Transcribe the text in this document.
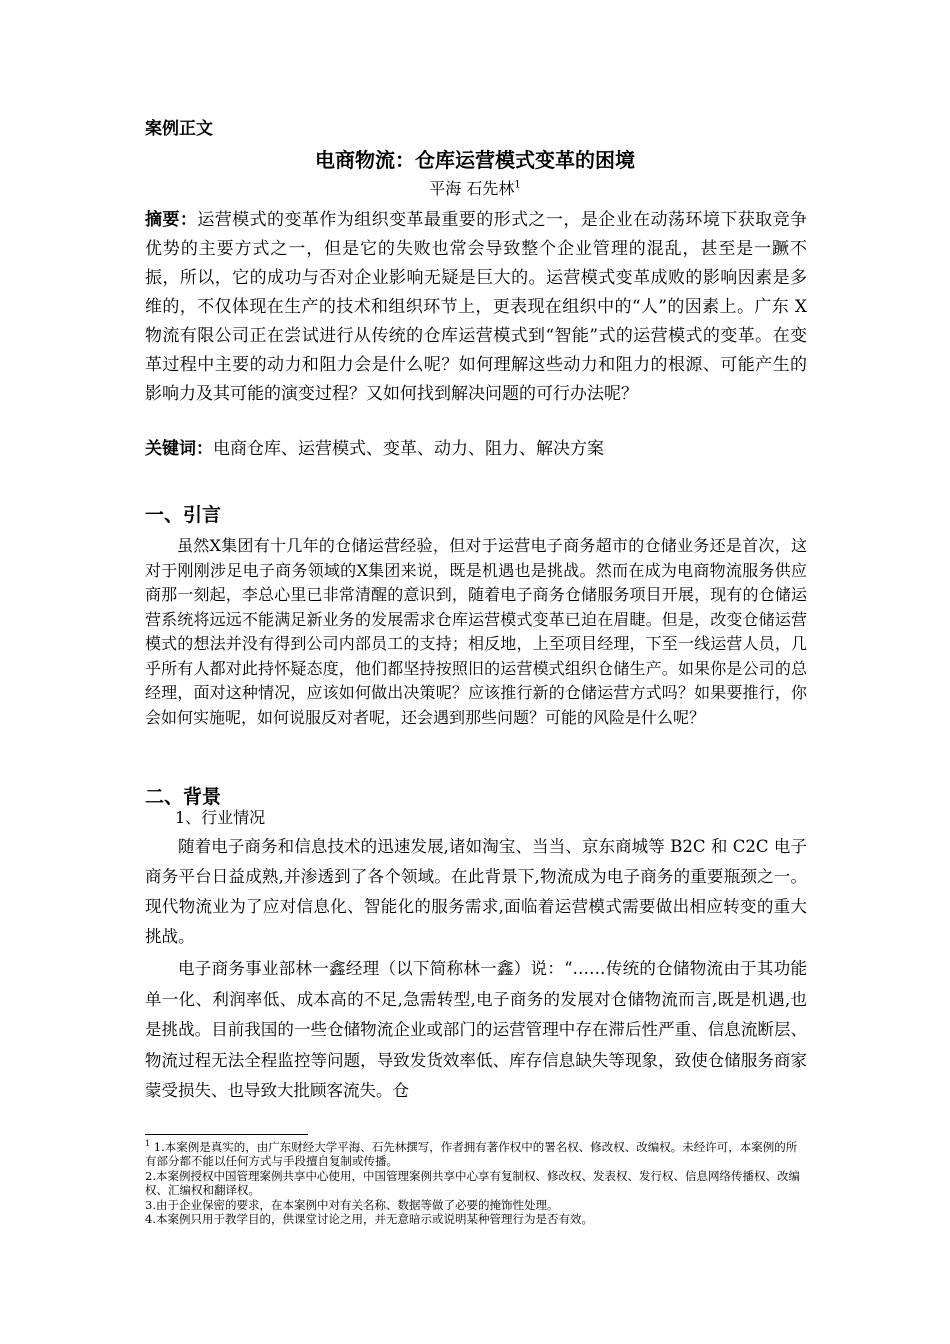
案例正文
电商物流：仓库运营模式变革的困境
平海 石先林$^1$
摘要：运营模式的变革作为组织变革最重要的形式之一，是企业在动荡环境下获取竞争优势的主要方式之一，但是它的失败也常会导致整个企业管理的混乱，甚至是一蹶不振，所以，它的成功与否对企业影响无疑是巨大的。运营模式变革成败的影响因素是多维的，不仅体现在生产的技术和组织环节上，更表现在组织中的“人”的因素上。广东 X 物流有限公司正在尝试进行从传统的仓库运营模式到“智能”式的运营模式的变革。在变革过程中主要的动力和阻力会是什么呢？如何理解这些动力和阻力的根源、可能产生的影响力及其可能的演变过程？又如何找到解决问题的可行办法呢？
关键词：电商仓库、运营模式、变革、动力、阻力、解决方案
一、引言
虽然X集团有十几年的仓储运营经验，但对于运营电子商务超市的仓储业务还是首次，这对于刚刚涉足电子商务领域的X集团来说，既是机遇也是挑战。然而在成为电商物流服务供应商那一刻起，李总心里已非常清醒的意识到，随着电子商务仓储服务项目开展，现有的仓储运营系统将远远不能满足新业务的发展需求仓库运营模式变革已迫在眉睫。但是，改变仓储运营模式的想法并没有得到公司内部员工的支持；相反地，上至项目经理，下至一线运营人员，几乎所有人都对此持怀疑态度，他们都坚持按照旧的运营模式组织仓储生产。如果你是公司的总经理，面对这种情况，应该如何做出决策呢？应该推行新的仓储运营方式吗？如果要推行，你会如何实施呢，如何说服反对者呢，还会遇到那些问题？可能的风险是什么呢？
二、背景
1、行业情况
随着电子商务和信息技术的迅速发展,诸如淘宝、当当、京东商城等 B2C 和 C2C 电子商务平台日益成熟,并渗透到了各个领域。在此背景下,物流成为电子商务的重要瓶颈之一。现代物流业为了应对信息化、智能化的服务需求,面临着运营模式需要做出相应转变的重大挑战。
电子商务事业部林一鑫经理（以下简称林一鑫）说：“……传统的仓储物流由于其功能单一化、利润率低、成本高的不足,急需转型,电子商务的发展对仓储物流而言,既是机遇,也是挑战。目前我国的一些仓储物流企业或部门的运营管理中存在滞后性严重、信息流断层、物流过程无法全程监控等问题，导致发货效率低、库存信息缺失等现象，致使仓储服务商家蒙受损失、也导致大批顾客流失。仓

$^1$ 1.本案例是真实的，由广东财经大学平海、石先林撰写，作者拥有著作权中的署名权、修改权、改编权。未经许可，本案例的所有部分都不能以任何方式与手段擅自复制或传播。

2.本案例授权中国管理案例共享中心使用，中国管理案例共享中心享有复制权、修改权、发表权、发行权、信息网络传播权、改编权、汇编权和翻译权。

3.由于企业保密的要求，在本案例中对有关名称、数据等做了必要的掩饰性处理。

4.本案例只用于教学目的，供课堂讨论之用，并无意暗示或说明某种管理行为是否有效。
